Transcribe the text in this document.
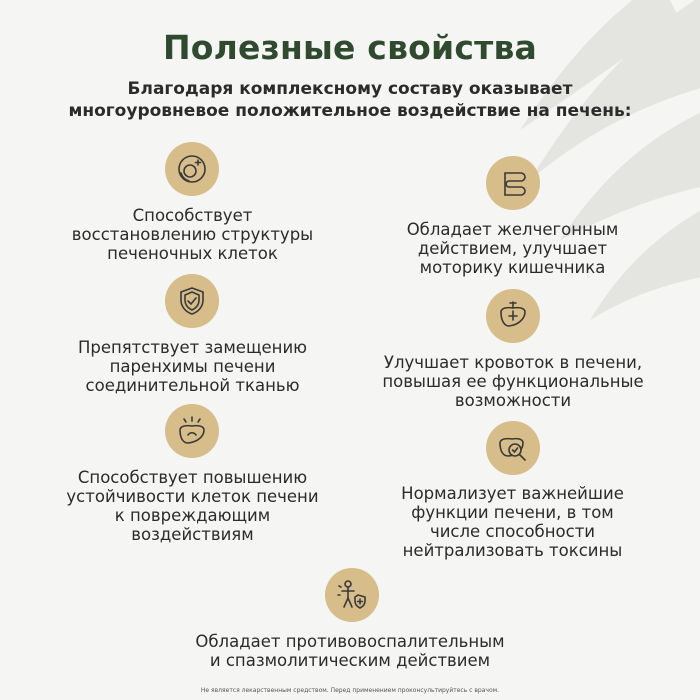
Полезные свойства
Благодаря комплексному составу оказывает
многоуровневое положительное воздействие на печень:
Способствует
восстановлению структуры
печеночных клеток
Обладает желчегонным
действием, улучшает
моторику кишечника
Препятствует замещению
паренхимы печени
соединительной тканью
Улучшает кровоток в печени,
повышая ее функциональные
возможности
Способствует повышению
устойчивости клеток печени
к повреждающим
воздействиям
Нормализует важнейшие
функции печени, в том
числе способности
нейтрализовать токсины
Обладает противовоспалительным
и спазмолитическим действием
Не является лекарственным средством. Перед применением проконсультируйтесь с врачом.
